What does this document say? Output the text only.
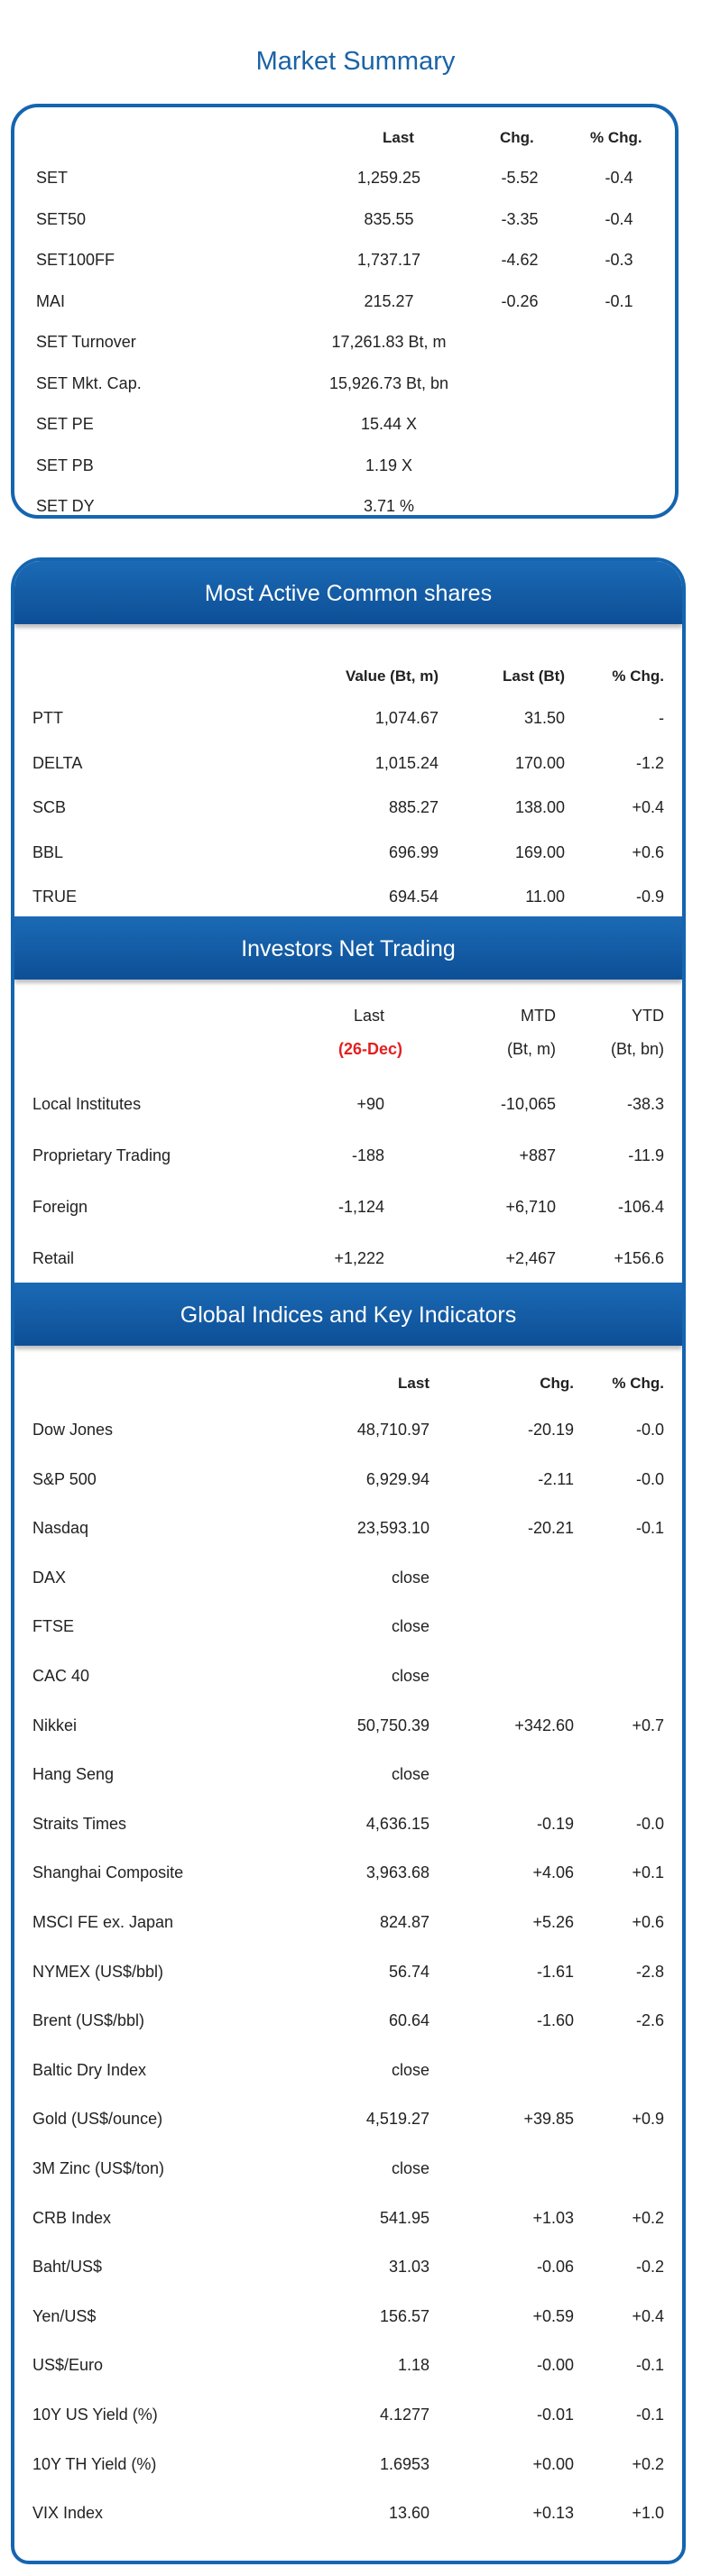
Market Summary
Last	Chg.	% Chg.
SET	1,259.25	-5.52	-0.4
SET50	835.55	-3.35	-0.4
SET100FF	1,737.17	-4.62	-0.3
MAI	215.27	-0.26	-0.1
SET Turnover	17,261.83 Bt, m
SET Mkt. Cap.	15,926.73 Bt, bn
SET PE	15.44 X
SET PB	1.19 X
SET DY	3.71 %
Most Active Common shares
Value (Bt, m)	Last (Bt)	% Chg.
Investors Net Trading
Last	MTD	YTD
(26-Dec)	(Bt, m)	(Bt, bn)
Global Indices and Key Indicators
Last	Chg.	% Chg.
PTT	1,074.67	31.50	-
DELTA	1,015.24	170.00	-1.2
SCB	885.27	138.00	+0.4
BBL	696.99	169.00	+0.6
TRUE	694.54	11.00	-0.9
Local Institutes	+90	-10,065	-38.3
Proprietary Trading	-188	+887	-11.9
Foreign	-1,124	+6,710	-106.4
Retail	+1,222	+2,467	+156.6
Dow Jones	48,710.97	-20.19	-0.0
S&P 500	6,929.94	-2.11	-0.0
Nasdaq	23,593.10	-20.21	-0.1
DAX	close
FTSE	close
CAC 40	close
Nikkei	50,750.39	+342.60	+0.7
Hang Seng	close
Straits Times	4,636.15	-0.19	-0.0
Shanghai Composite	3,963.68	+4.06	+0.1
MSCI FE ex. Japan	824.87	+5.26	+0.6
NYMEX (US$/bbl)	56.74	-1.61	-2.8
Brent (US$/bbl)	60.64	-1.60	-2.6
Baltic Dry Index	close
Gold (US$/ounce)	4,519.27	+39.85	+0.9
3M Zinc (US$/ton)	close
CRB Index	541.95	+1.03	+0.2
Baht/US$	31.03	-0.06	-0.2
Yen/US$	156.57	+0.59	+0.4
US$/Euro	1.18	-0.00	-0.1
10Y US Yield (%)	4.1277	-0.01	-0.1
10Y TH Yield (%)	1.6953	+0.00	+0.2
VIX Index	13.60	+0.13	+1.0
